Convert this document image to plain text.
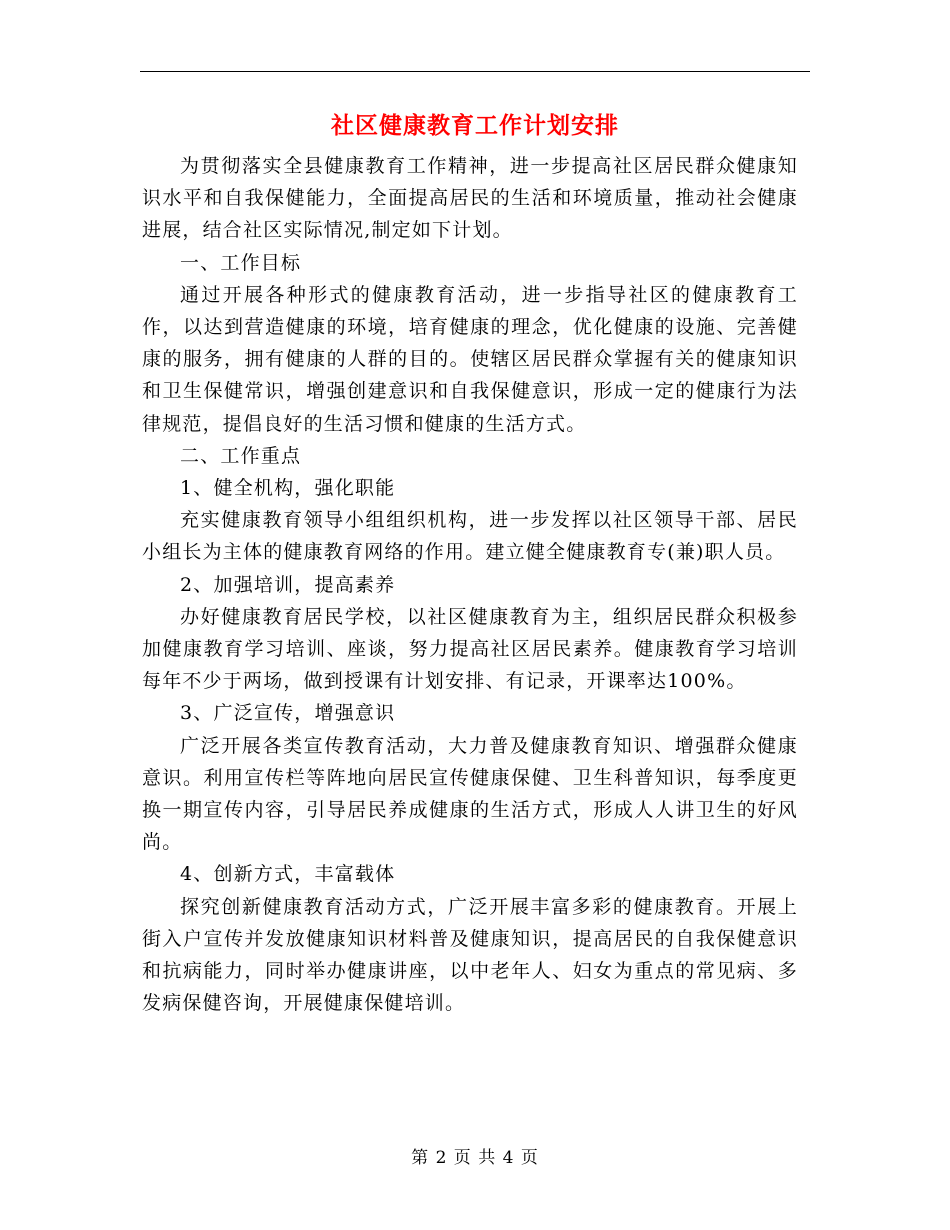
社区健康教育工作计划安排

为贯彻落实全县健康教育工作精神，进一步提高社区居民群众健康知识水平和自我保健能力，全面提高居民的生活和环境质量，推动社会健康进展，结合社区实际情况,制定如下计划。

一、工作目标

通过开展各种形式的健康教育活动，进一步指导社区的健康教育工作，以达到营造健康的环境，培育健康的理念，优化健康的设施、完善健康的服务，拥有健康的人群的目的。使辖区居民群众掌握有关的健康知识和卫生保健常识，增强创建意识和自我保健意识，形成一定的健康行为法律规范，提倡良好的生活习惯和健康的生活方式。

二、工作重点

1、健全机构，强化职能

充实健康教育领导小组组织机构，进一步发挥以社区领导干部、居民小组长为主体的健康教育网络的作用。建立健全健康教育专(兼)职人员。

2、加强培训，提高素养

办好健康教育居民学校，以社区健康教育为主，组织居民群众积极参加健康教育学习培训、座谈，努力提高社区居民素养。健康教育学习培训每年不少于两场，做到授课有计划安排、有记录，开课率达100%。

3、广泛宣传，增强意识

广泛开展各类宣传教育活动，大力普及健康教育知识、增强群众健康意识。利用宣传栏等阵地向居民宣传健康保健、卫生科普知识，每季度更换一期宣传内容，引导居民养成健康的生活方式，形成人人讲卫生的好风尚。

4、创新方式，丰富载体

探究创新健康教育活动方式，广泛开展丰富多彩的健康教育。开展上街入户宣传并发放健康知识材料普及健康知识，提高居民的自我保健意识和抗病能力，同时举办健康讲座，以中老年人、妇女为重点的常见病、多发病保健咨询，开展健康保健培训。

第 2 页 共 4 页
